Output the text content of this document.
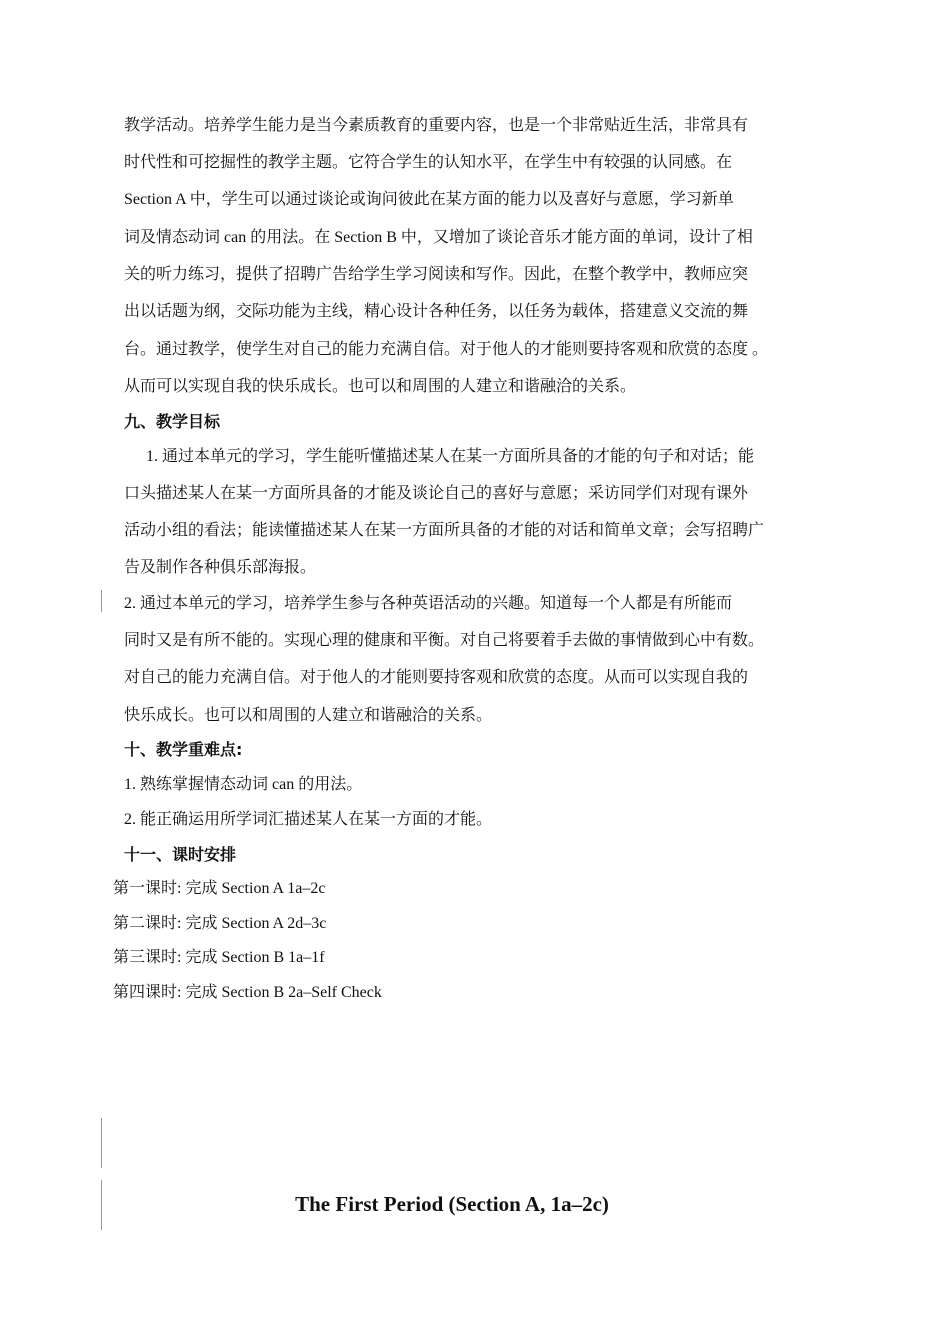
教学活动。培养学生能力是当今素质教育的重要内容，也是一个非常贴近生活，非常具有
时代性和可挖掘性的教学主题。它符合学生的认知水平，在学生中有较强的认同感。在
Section A 中，学生可以通过谈论或询问彼此在某方面的能力以及喜好与意愿，学习新单
词及情态动词 can 的用法。在 Section B 中，又增加了谈论音乐才能方面的单词，设计了相
关的听力练习，提供了招聘广告给学生学习阅读和写作。因此，在整个教学中，教师应突
出以话题为纲，交际功能为主线，精心设计各种任务，以任务为载体，搭建意义交流的舞
台。通过教学，使学生对自己的能力充满自信。对于他人的才能则要持客观和欣赏的态度 。
从而可以实现自我的快乐成长。也可以和周围的人建立和谐融洽的关系。
九、教学目标
1. 通过本单元的学习，学生能听懂描述某人在某一方面所具备的才能的句子和对话；能
口头描述某人在某一方面所具备的才能及谈论自己的喜好与意愿；采访同学们对现有课外
活动小组的看法；能读懂描述某人在某一方面所具备的才能的对话和简单文章；会写招聘广
告及制作各种俱乐部海报。
2. 通过本单元的学习，培养学生参与各种英语活动的兴趣。知道每一个人都是有所能而
同时又是有所不能的。实现心理的健康和平衡。对自己将要着手去做的事情做到心中有数。
对自己的能力充满自信。对于他人的才能则要持客观和欣赏的态度。从而可以实现自我的
快乐成长。也可以和周围的人建立和谐融洽的关系。
十、教学重难点:
1. 熟练掌握情态动词 can 的用法。
2. 能正确运用所学词汇描述某人在某一方面的才能。
十一、课时安排
第一课时: 完成 Section A 1a–2c
第二课时: 完成 Section A 2d–3c
第三课时: 完成 Section B 1a–1f
第四课时: 完成 Section B 2a–Self Check
The First Period (Section A, 1a–2c)
